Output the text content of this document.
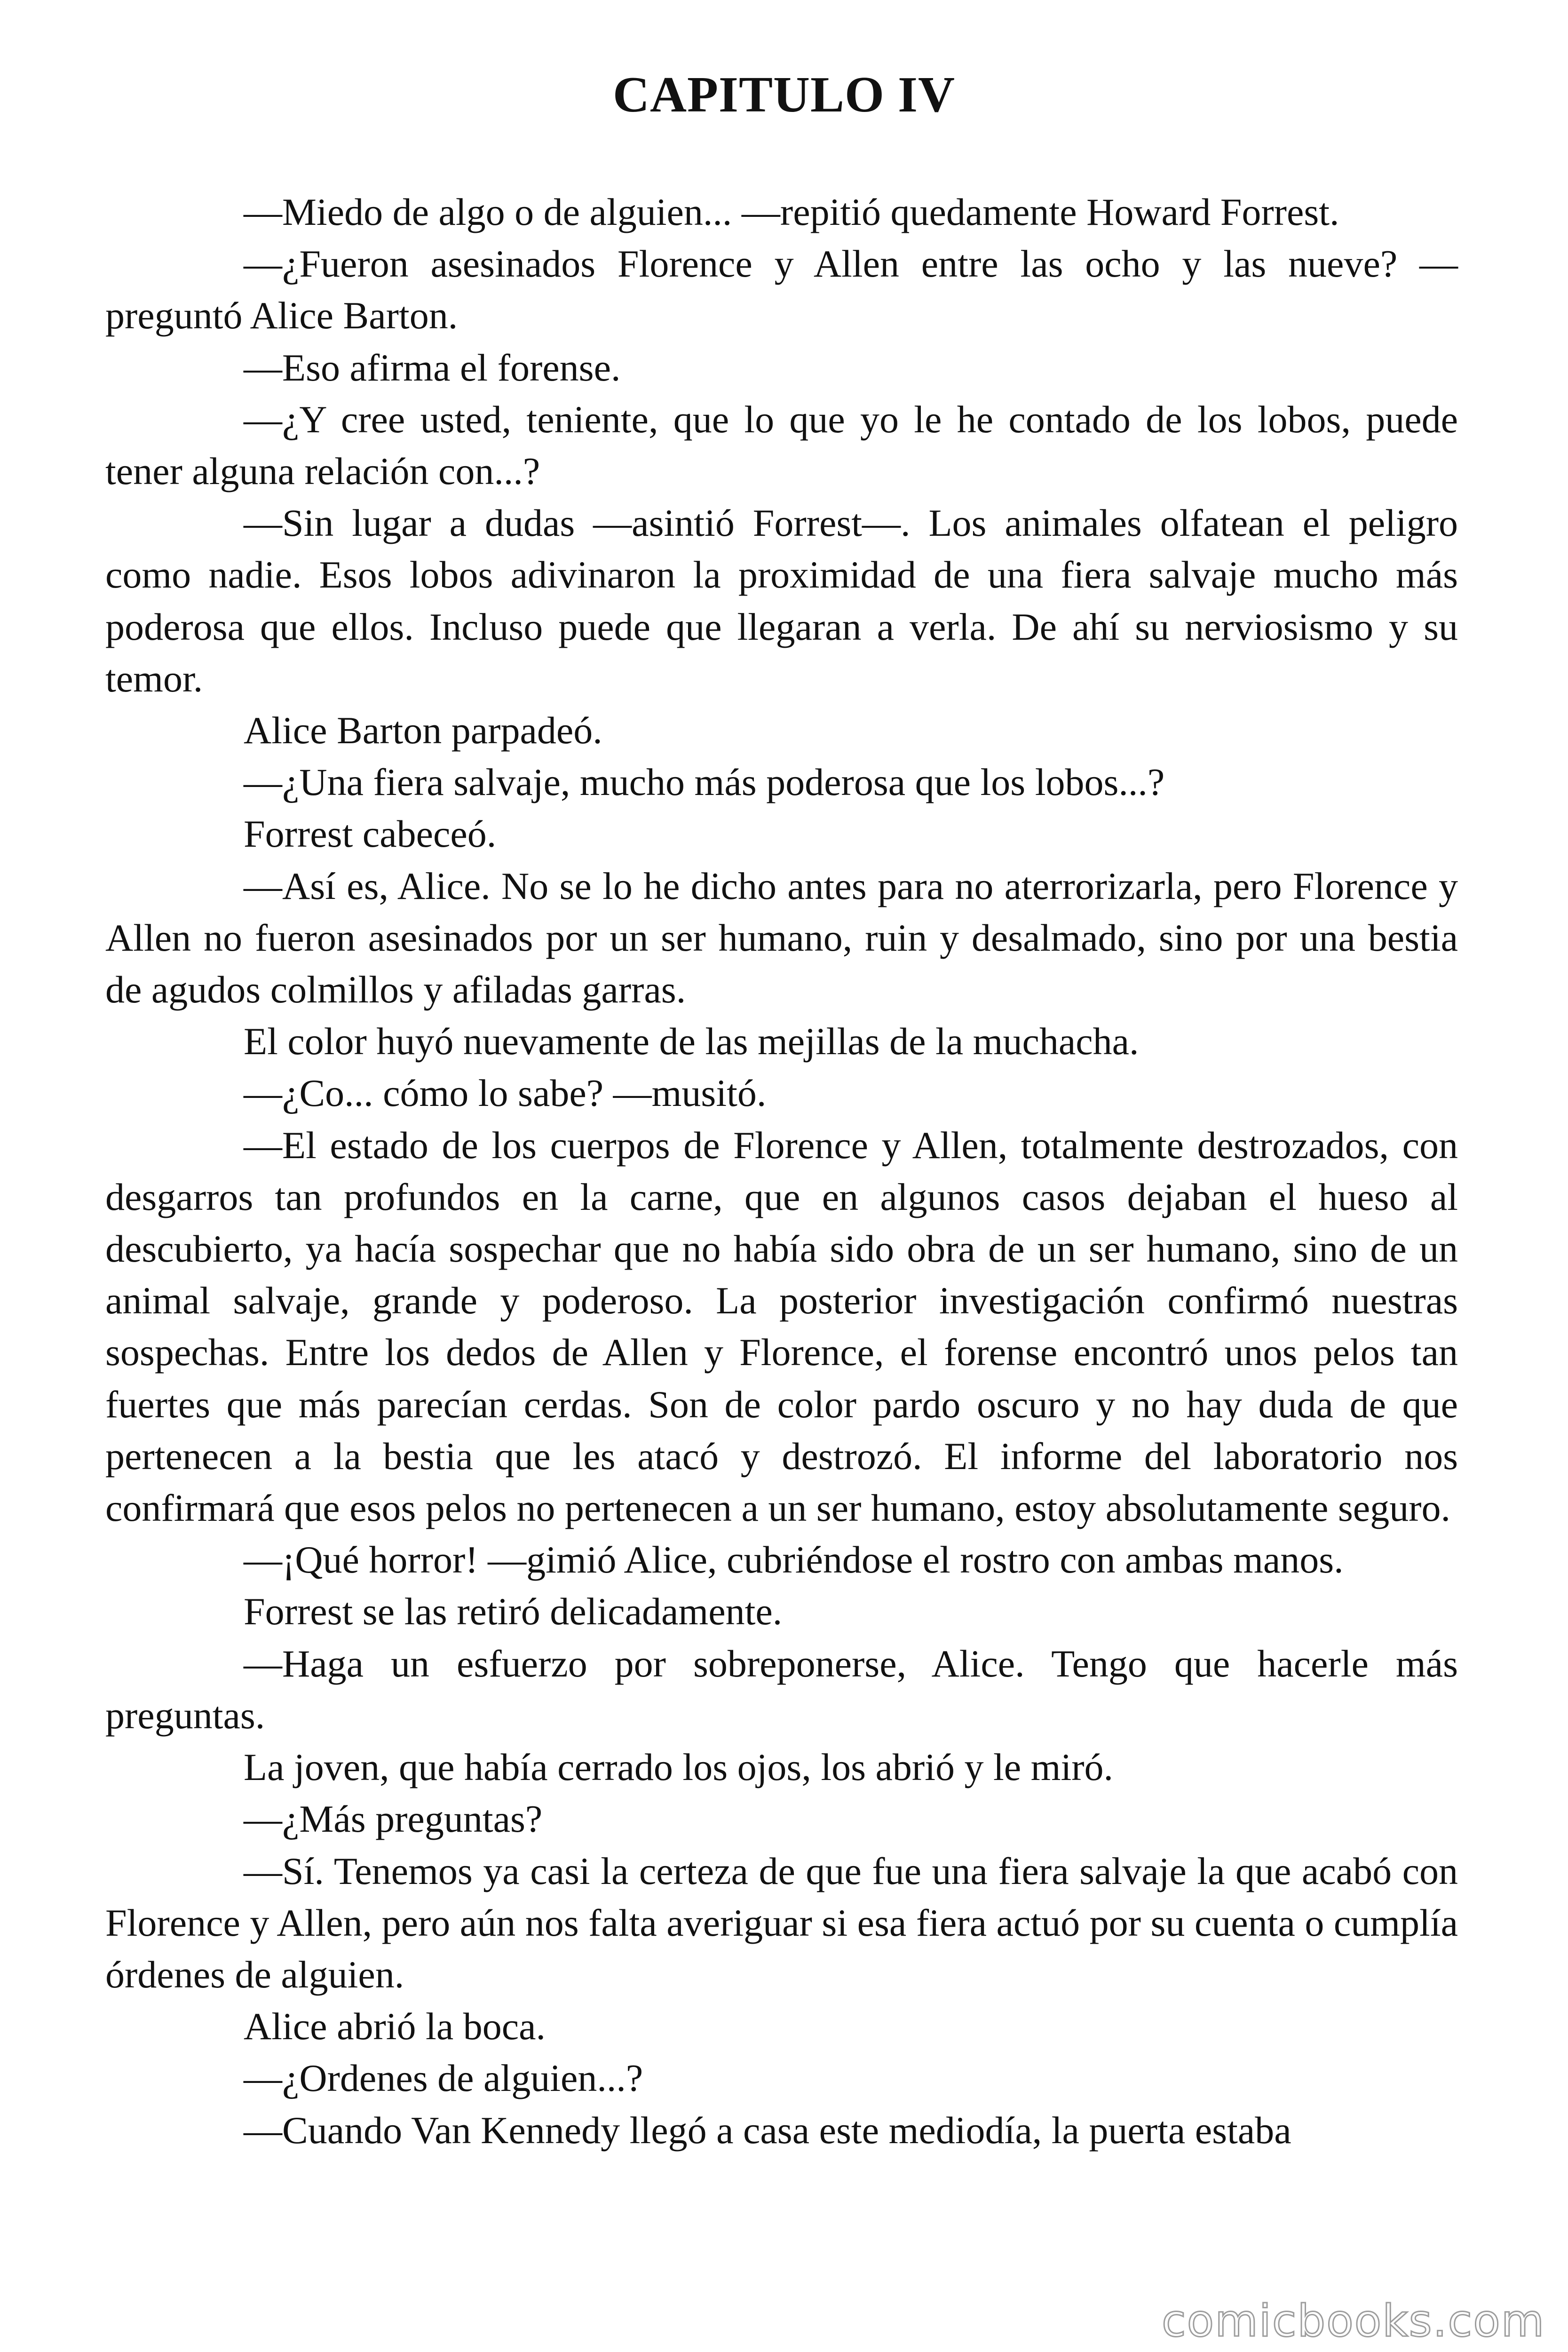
CAPITULO IV

—Miedo de algo o de alguien... —repitió quedamente Howard Forrest.

—¿Fueron asesinados Florence y Allen entre las ocho y las nueve? —preguntó Alice Barton.

—Eso afirma el forense.

—¿Y cree usted, teniente, que lo que yo le he contado de los lobos, puede tener alguna relación con...?

—Sin lugar a dudas —asintió Forrest—. Los animales olfatean el peligro como nadie. Esos lobos adivinaron la proximidad de una fiera salvaje mucho más poderosa que ellos. Incluso puede que llegaran a verla. De ahí su nerviosismo y su temor.

Alice Barton parpadeó.

—¿Una fiera salvaje, mucho más poderosa que los lobos...?

Forrest cabeceó.

—Así es, Alice. No se lo he dicho antes para no aterrorizarla, pero Florence y Allen no fueron asesinados por un ser humano, ruin y desalmado, sino por una bestia de agudos colmillos y afiladas garras.

El color huyó nuevamente de las mejillas de la muchacha.

—¿Co... cómo lo sabe? —musitó.

—El estado de los cuerpos de Florence y Allen, totalmente destrozados, con desgarros tan profundos en la carne, que en algunos casos dejaban el hueso al descubierto, ya hacía sospechar que no había sido obra de un ser humano, sino de un animal salvaje, grande y poderoso. La posterior investigación confirmó nuestras sospechas. Entre los dedos de Allen y Florence, el forense encontró unos pelos tan fuertes que más parecían cerdas. Son de color pardo oscuro y no hay duda de que pertenecen a la bestia que les atacó y destrozó. El informe del laboratorio nos confirmará que esos pelos no pertenecen a un ser humano, estoy absolutamente seguro.

—¡Qué horror! —gimió Alice, cubriéndose el rostro con ambas manos.

Forrest se las retiró delicadamente.

—Haga un esfuerzo por sobreponerse, Alice. Tengo que hacerle más preguntas.

La joven, que había cerrado los ojos, los abrió y le miró.

—¿Más preguntas?

—Sí. Tenemos ya casi la certeza de que fue una fiera salvaje la que acabó con Florence y Allen, pero aún nos falta averiguar si esa fiera actuó por su cuenta o cumplía órdenes de alguien.

Alice abrió la boca.

—¿Ordenes de alguien...?

—Cuando Van Kennedy llegó a casa este mediodía, la puerta estaba

comicbooks.com
